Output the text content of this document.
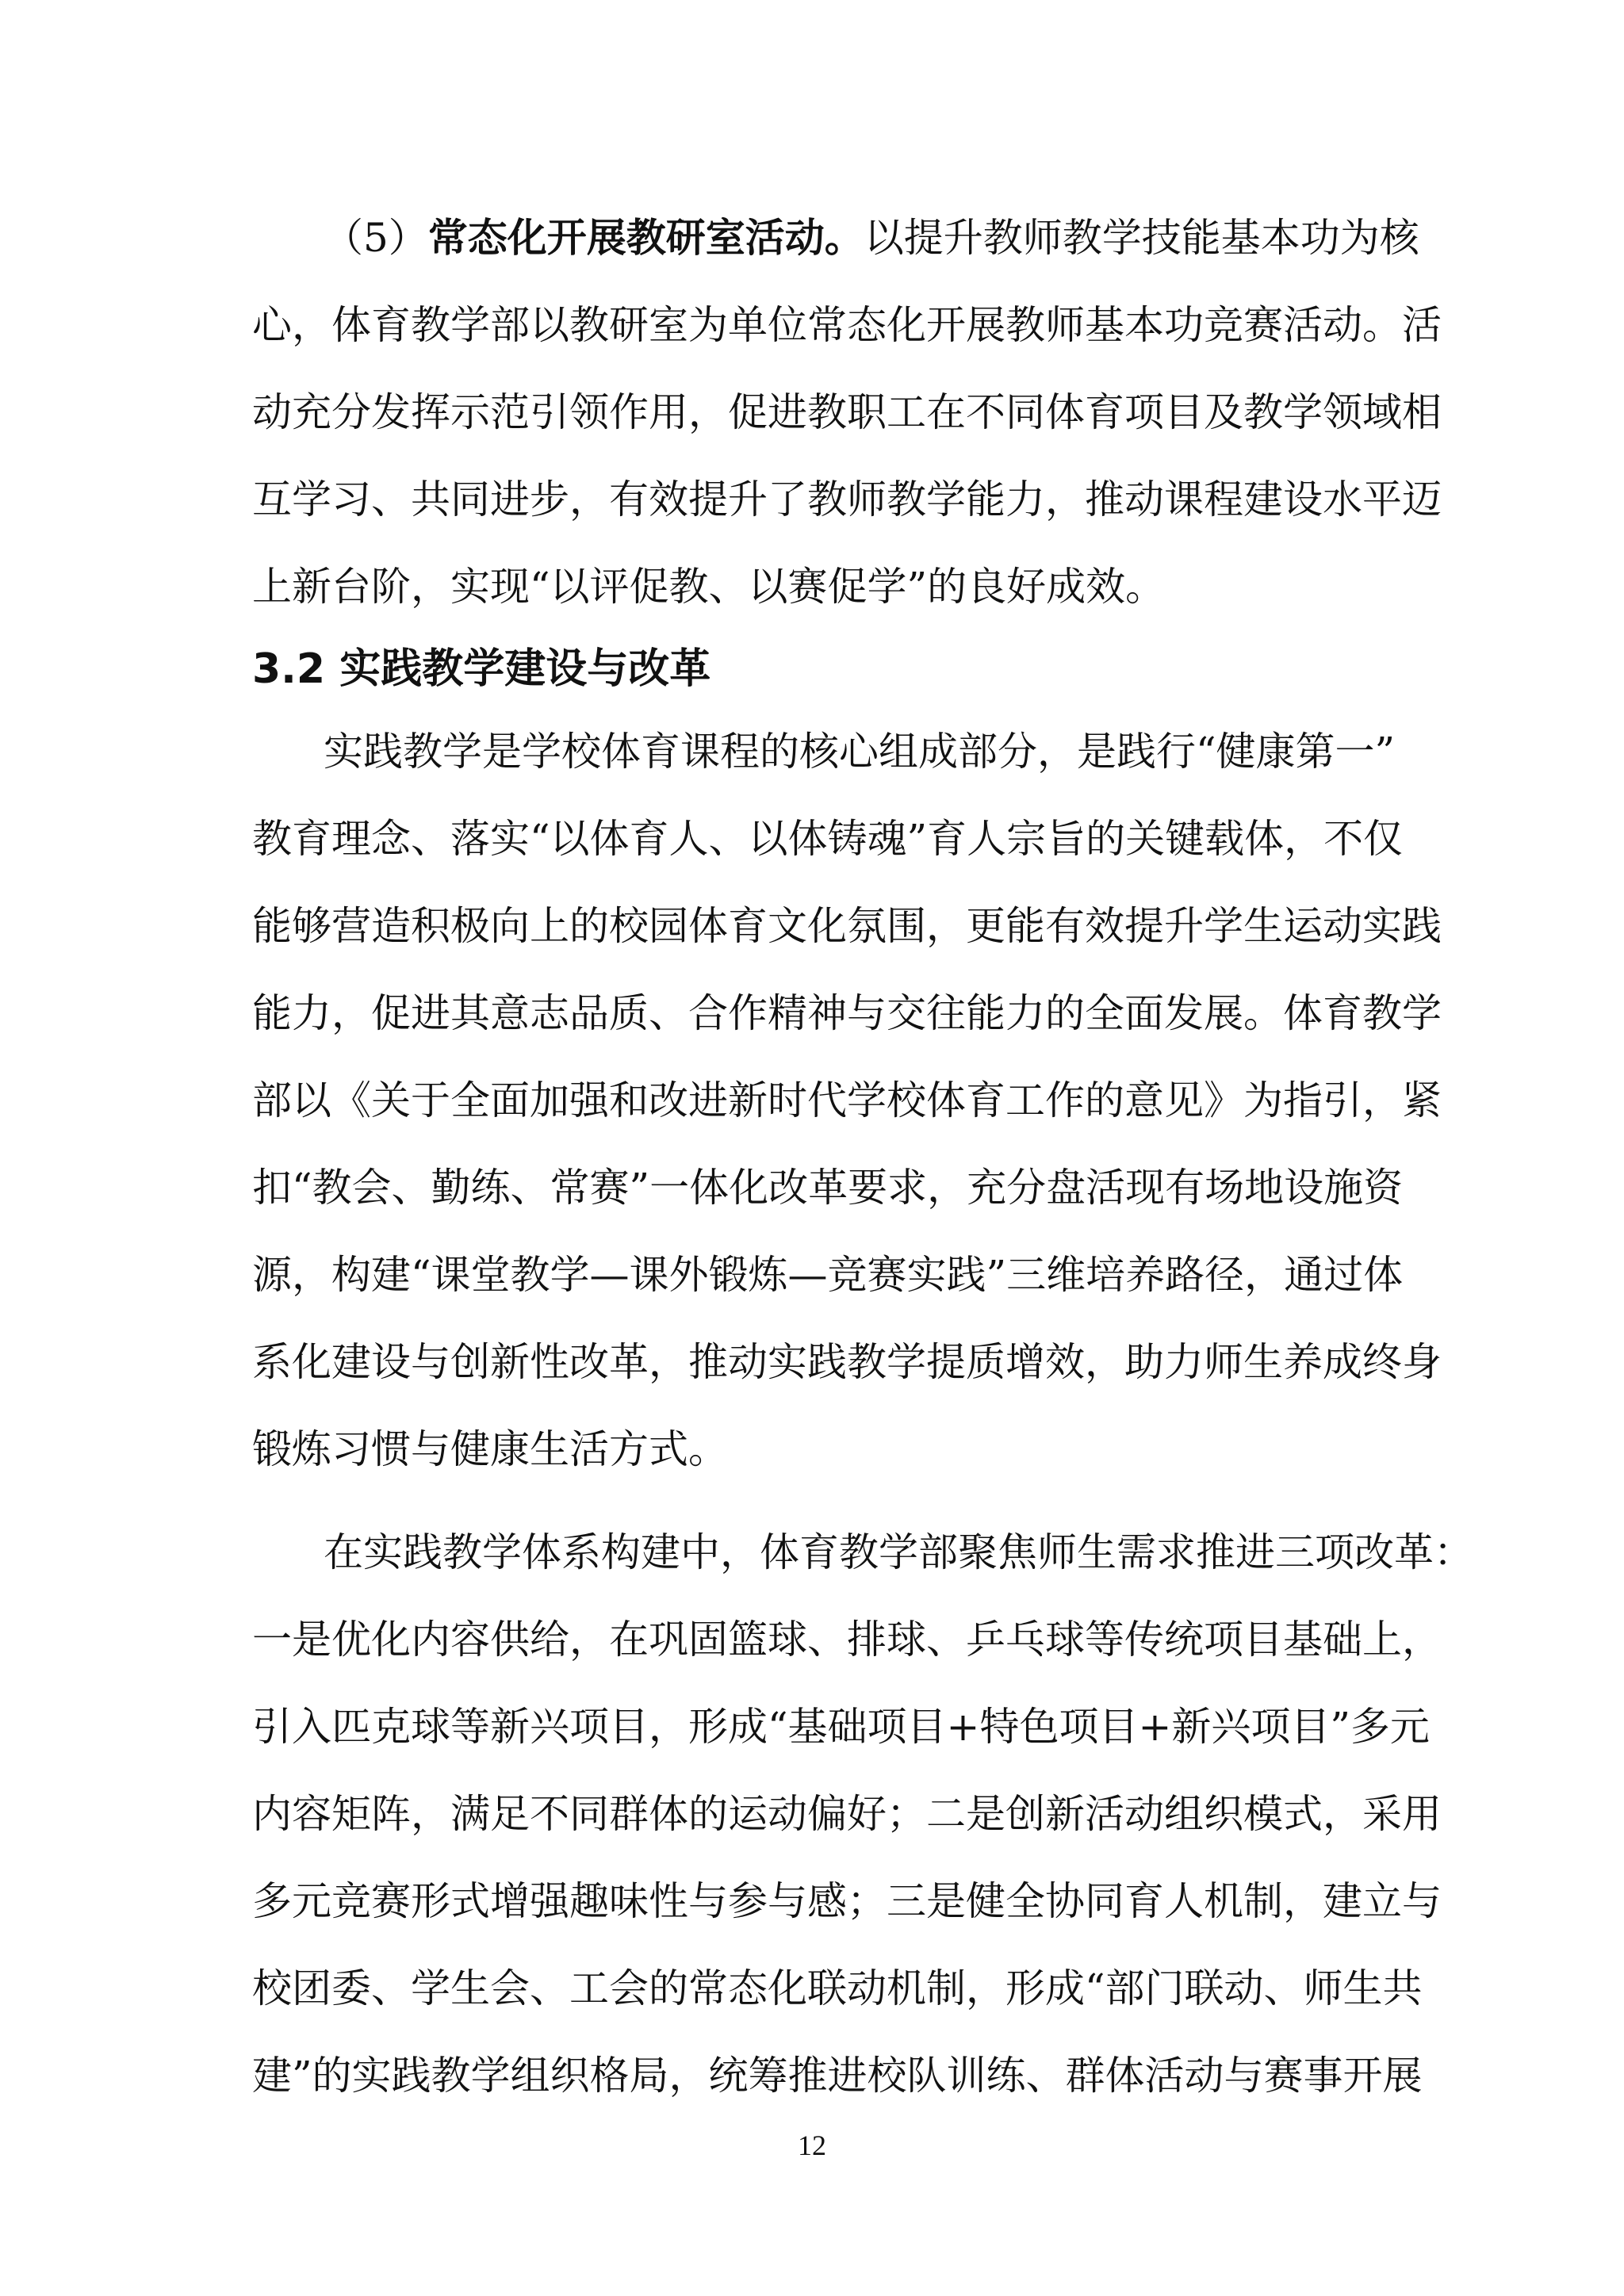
（5）常态化开展教研室活动。以提升教师教学技能基本功为核
心，体育教学部以教研室为单位常态化开展教师基本功竞赛活动。活
动充分发挥示范引领作用，促进教职工在不同体育项目及教学领域相
互学习、共同进步，有效提升了教师教学能力，推动课程建设水平迈
上新台阶，实现“以评促教、以赛促学”的良好成效。
3.2 实践教学建设与改革
实践教学是学校体育课程的核心组成部分，是践行“健康第一”
教育理念、落实“以体育人、以体铸魂”育人宗旨的关键载体，不仅
能够营造积极向上的校园体育文化氛围，更能有效提升学生运动实践
能力，促进其意志品质、合作精神与交往能力的全面发展。体育教学
部以《关于全面加强和改进新时代学校体育工作的意见》为指引，紧
扣“教会、勤练、常赛”一体化改革要求，充分盘活现有场地设施资
源，构建“课堂教学—课外锻炼—竞赛实践”三维培养路径，通过体
系化建设与创新性改革，推动实践教学提质增效，助力师生养成终身
锻炼习惯与健康生活方式。
在实践教学体系构建中，体育教学部聚焦师生需求推进三项改革：
一是优化内容供给，在巩固篮球、排球、乒乓球等传统项目基础上，
引入匹克球等新兴项目，形成“基础项目+特色项目+新兴项目”多元
内容矩阵，满足不同群体的运动偏好；二是创新活动组织模式，采用
多元竞赛形式增强趣味性与参与感；三是健全协同育人机制，建立与
校团委、学生会、工会的常态化联动机制，形成“部门联动、师生共
建”的实践教学组织格局，统筹推进校队训练、群体活动与赛事开展
12
